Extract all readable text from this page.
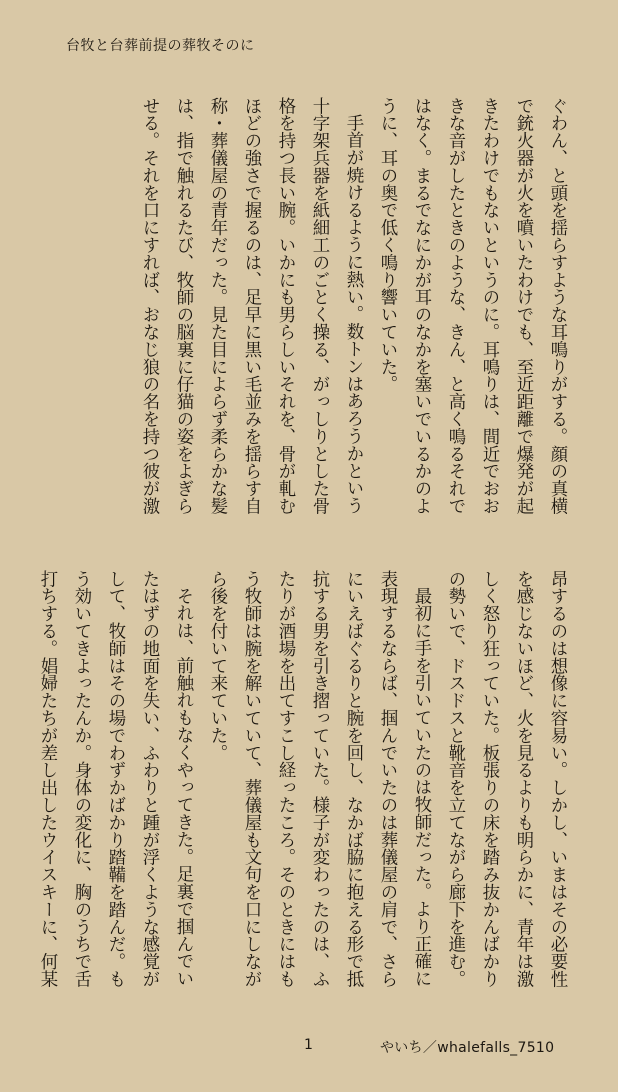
台牧と台葬前提の葬牧そのに

ぐわん、と頭を揺らすような耳鳴りがする。顔の真横で銃火器が火を噴いたわけでも、至近距離で爆発が起きたわけでもないというのに。耳鳴りは、間近でおおきな音がしたときのような、きん、と高く鳴るそれではなく。まるでなにかが耳のなかを塞いでいるかのように、耳の奥で低く鳴り響いていた。

手首が焼けるように熱い。数トンはあろうかという十字架兵器を紙細工のごとく操る、がっしりとした骨格を持つ長い腕。いかにも男らしいそれを、骨が軋むほどの強さで握るのは、足早に黒い毛並みを揺らす自称・葬儀屋の青年だった。見た目によらず柔らかな髪は、指で触れるたび、牧師の脳裏に仔猫の姿をよぎらせる。それを口にすれば、おなじ狼の名を持つ彼が激

昂するのは想像に容易い。しかし、いまはその必要性を感じないほど、火を見るよりも明らかに、青年は激しく怒り狂っていた。板張りの床を踏み抜かんばかりの勢いで、ドスドスと靴音を立てながら廊下を進む。

最初に手を引いていたのは牧師だった。より正確に表現するならば、掴んでいたのは葬儀屋の肩で、さらにいえばぐるりと腕を回し、なかば脇に抱える形で抵抗する男を引き摺っていた。様子が変わったのは、ふたりが酒場を出てすこし経ったころ。そのときにはもう牧師は腕を解いていて、葬儀屋も文句を口にしながら後を付いて来ていた。

それは、前触れもなくやってきた。足裏で掴んでいたはずの地面を失い、ふわりと踵が浮くような感覚がして、牧師はその場でわずかばかり踏鞴を踏んだ。もう効いてきよったんか。身体の変化に、胸のうちで舌打ちする。娼婦たちが差し出したウイスキーに、何某

1	やいち／whalefalls_7510
